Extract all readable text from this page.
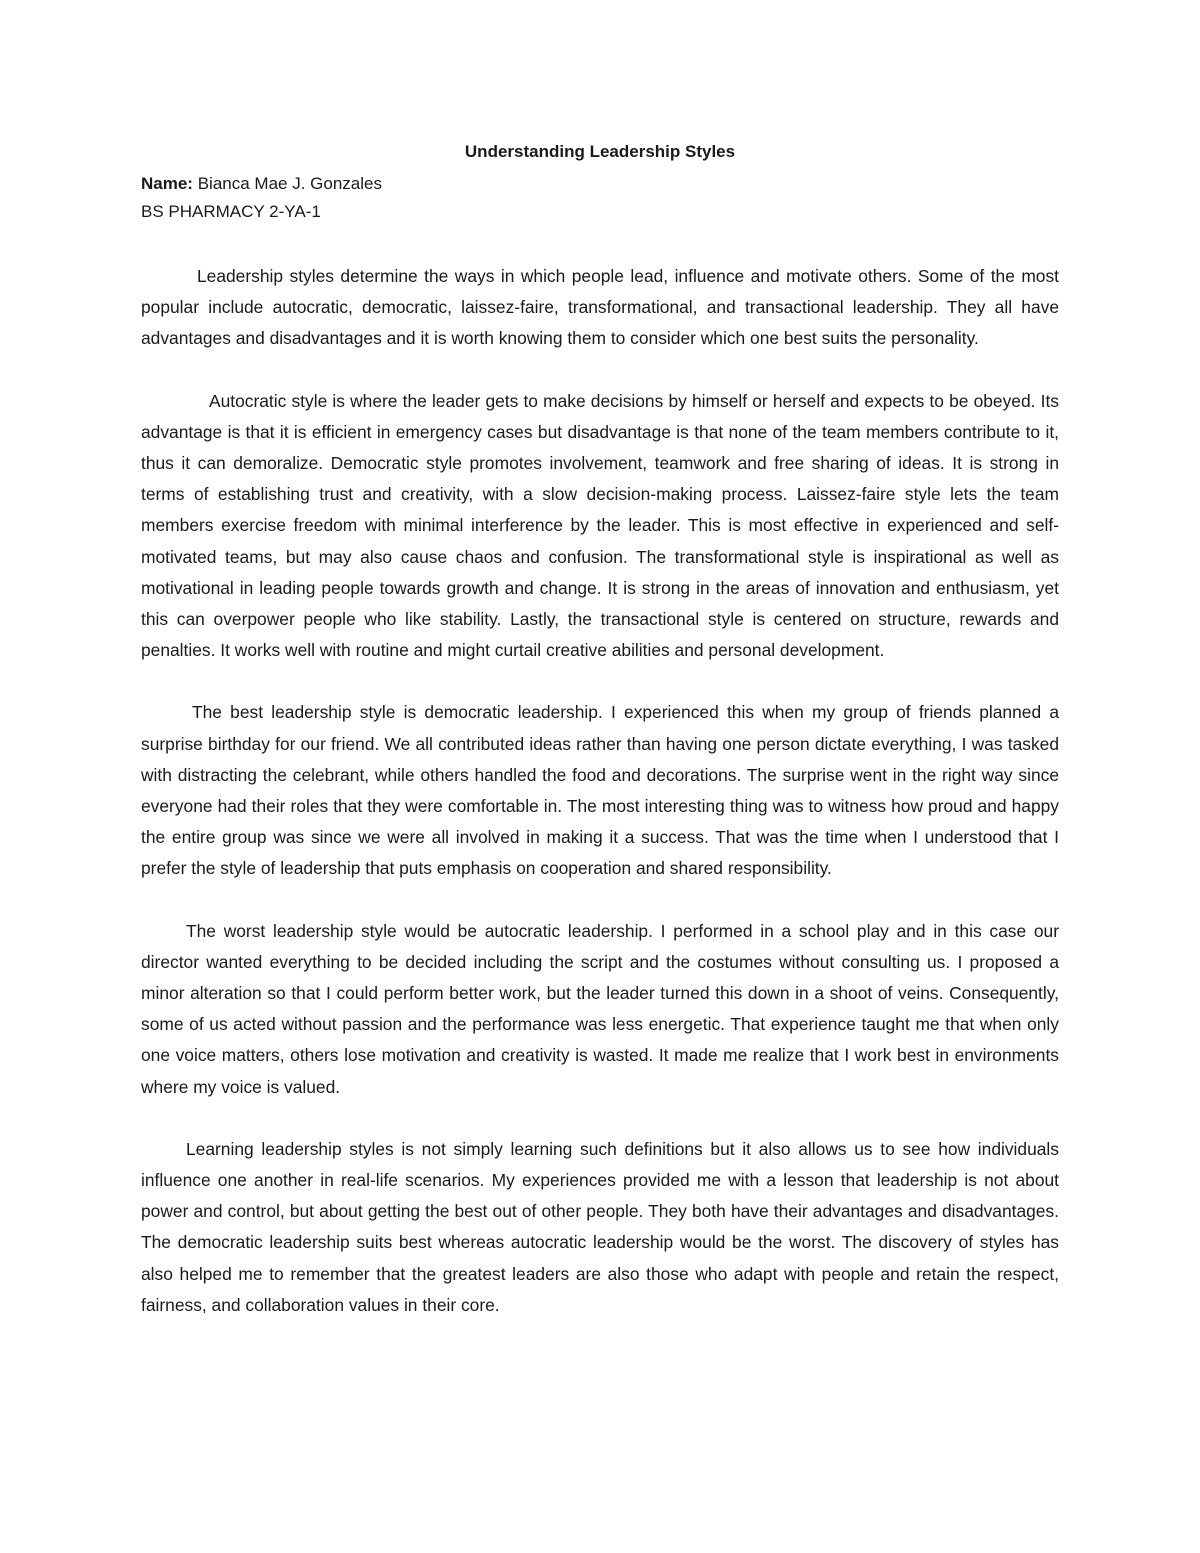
Understanding Leadership Styles

Name: Bianca Mae J. Gonzales

BS PHARMACY 2-YA-1

Leadership styles determine the ways in which people lead, influence and motivate others. Some of the most popular include autocratic, democratic, laissez-faire, transformational, and transactional leadership. They all have advantages and disadvantages and it is worth knowing them to consider which one best suits the personality.

Autocratic style is where the leader gets to make decisions by himself or herself and expects to be obeyed. Its advantage is that it is efficient in emergency cases but disadvantage is that none of the team members contribute to it, thus it can demoralize. Democratic style promotes involvement, teamwork and free sharing of ideas. It is strong in terms of establishing trust and creativity, with a slow decision-making process. Laissez-faire style lets the team members exercise freedom with minimal interference by the leader. This is most effective in experienced and self-motivated teams, but may also cause chaos and confusion. The transformational style is inspirational as well as motivational in leading people towards growth and change. It is strong in the areas of innovation and enthusiasm, yet this can overpower people who like stability. Lastly, the transactional style is centered on structure, rewards and penalties. It works well with routine and might curtail creative abilities and personal development.

The best leadership style is democratic leadership. I experienced this when my group of friends planned a surprise birthday for our friend. We all contributed ideas rather than having one person dictate everything, I was tasked with distracting the celebrant, while others handled the food and decorations. The surprise went in the right way since everyone had their roles that they were comfortable in. The most interesting thing was to witness how proud and happy the entire group was since we were all involved in making it a success. That was the time when I understood that I prefer the style of leadership that puts emphasis on cooperation and shared responsibility.

The worst leadership style would be autocratic leadership. I performed in a school play and in this case our director wanted everything to be decided including the script and the costumes without consulting us. I proposed a minor alteration so that I could perform better work, but the leader turned this down in a shoot of veins. Consequently, some of us acted without passion and the performance was less energetic. That experience taught me that when only one voice matters, others lose motivation and creativity is wasted. It made me realize that I work best in environments where my voice is valued.

Learning leadership styles is not simply learning such definitions but it also allows us to see how individuals influence one another in real-life scenarios. My experiences provided me with a lesson that leadership is not about power and control, but about getting the best out of other people. They both have their advantages and disadvantages. The democratic leadership suits best whereas autocratic leadership would be the worst. The discovery of styles has also helped me to remember that the greatest leaders are also those who adapt with people and retain the respect, fairness, and collaboration values in their core.
